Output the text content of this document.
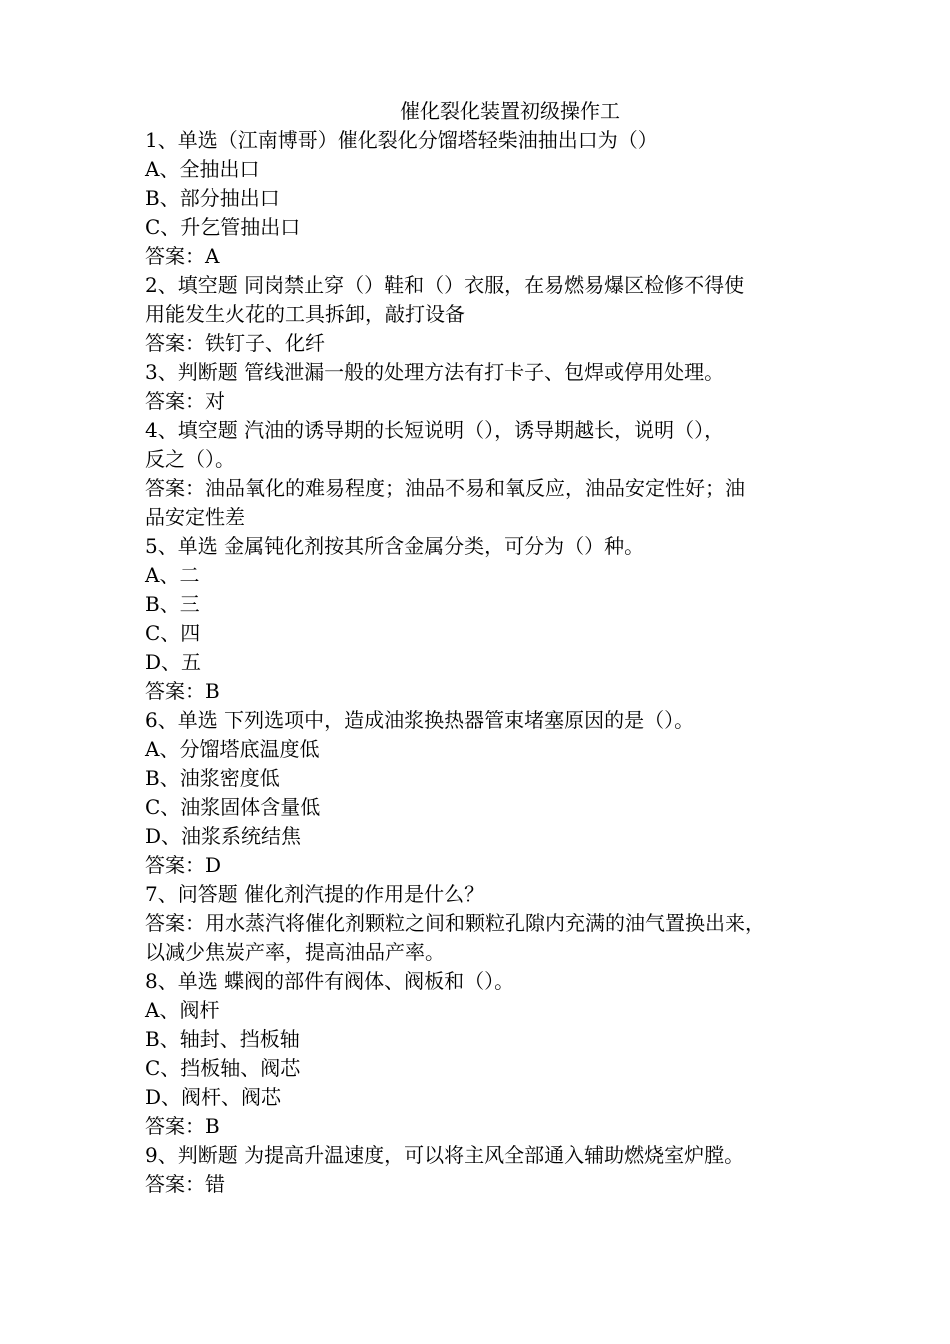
催化裂化装置初级操作工

1、单选（江南博哥）催化裂化分馏塔轻柴油抽出口为（）

A、全抽出口

B、部分抽出口

C、升乞管抽出口

答案：A

2、填空题 同岗禁止穿（）鞋和（）衣服，在易燃易爆区检修不得使

用能发生火花的工具拆卸，敲打设备

答案：铁钉子、化纤

3、判断题 管线泄漏一般的处理方法有打卡子、包焊或停用处理。

答案：对

4、填空题 汽油的诱导期的长短说明（），诱导期越长，说明（），

反之（）。

答案：油品氧化的难易程度；油品不易和氧反应，油品安定性好；油

品安定性差

5、单选 金属钝化剂按其所含金属分类，可分为（）种。

A、二

B、三

C、四

D、五

答案：B

6、单选 下列选项中，造成油浆换热器管束堵塞原因的是（）。

A、分馏塔底温度低

B、油浆密度低

C、油浆固体含量低

D、油浆系统结焦

答案：D

7、问答题 催化剂汽提的作用是什么？

答案：用水蒸汽将催化剂颗粒之间和颗粒孔隙内充满的油气置换出来，

以减少焦炭产率，提高油品产率。

8、单选 蝶阀的部件有阀体、阀板和（）。

A、阀杆

B、轴封、挡板轴

C、挡板轴、阀芯

D、阀杆、阀芯

答案：B

9、判断题 为提高升温速度，可以将主风全部通入辅助燃烧室炉膛。

答案：错
